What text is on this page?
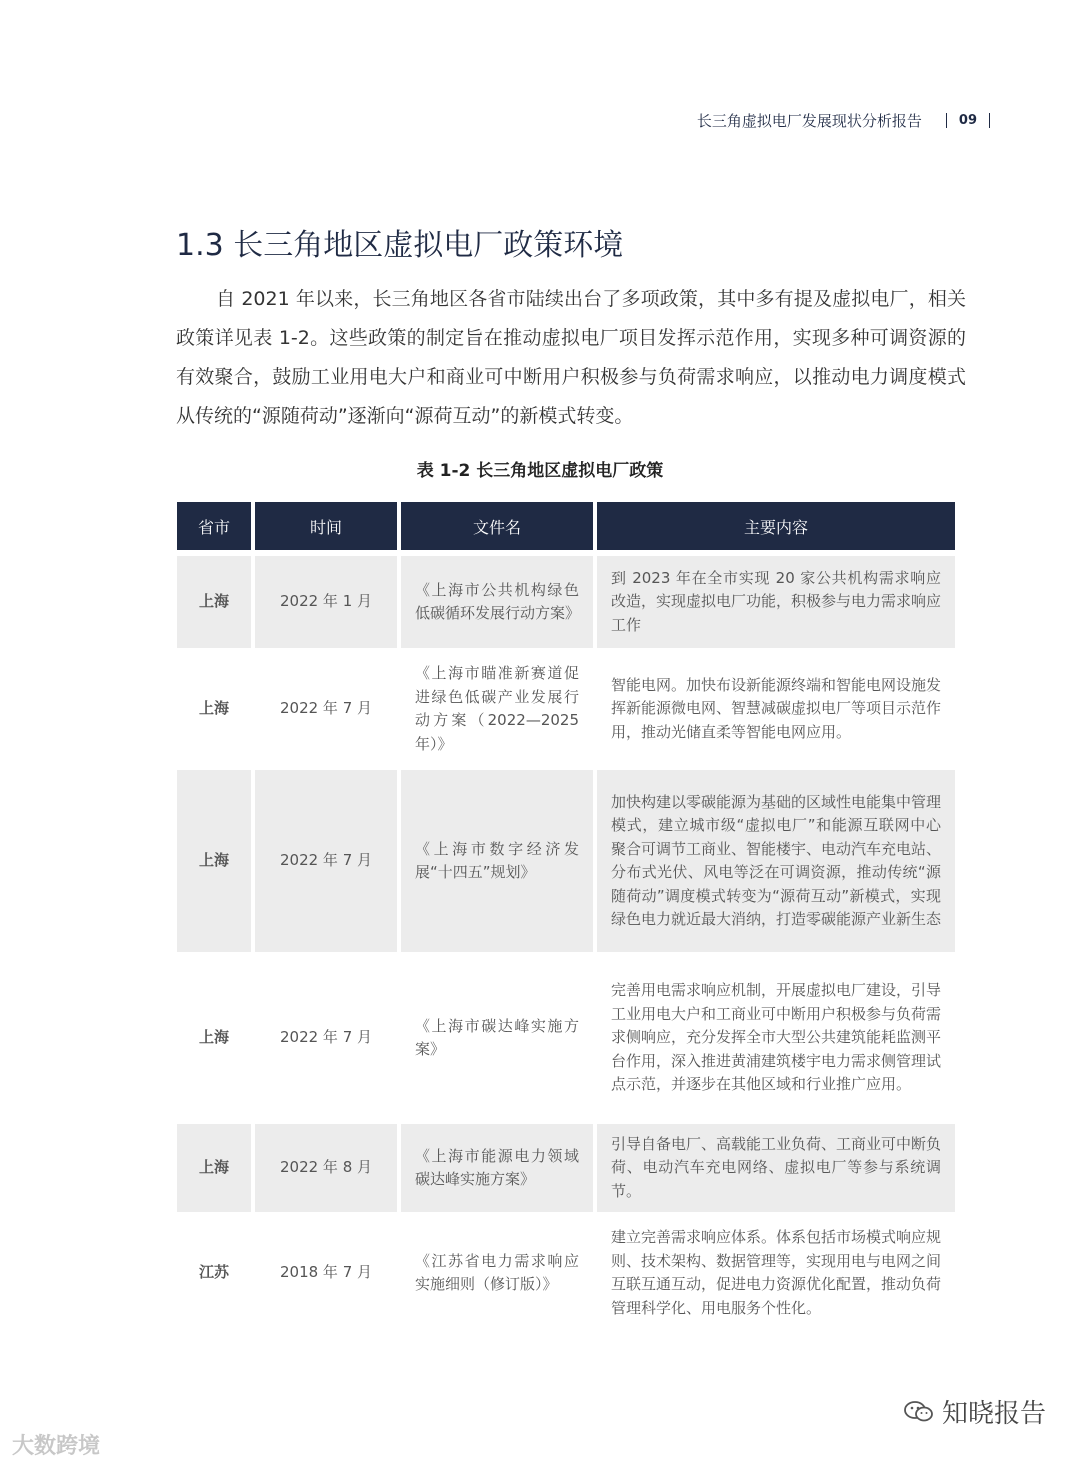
长三角虚拟电厂发展现状分析报告	09
1.3 长三角地区虚拟电厂政策环境

自 2021 年以来，长三角地区各省市陆续出台了多项政策，其中多有提及虚拟电厂，相关政策详见表 1-2。这些政策的制定旨在推动虚拟电厂项目发挥示范作用，实现多种可调资源的有效聚合，鼓励工业用电大户和商业可中断用户积极参与负荷需求响应，以推动电力调度模式从传统的“源随荷动”逐渐向“源荷互动”的新模式转变。

表 1-2 长三角地区虚拟电厂政策
省市	时间	文件名	主要内容
上海	2022 年 1 月	《上海市公共机构绿色低碳循环发展行动方案》	到 2023 年在全市实现 20 家公共机构需求响应改造，实现虚拟电厂功能，积极参与电力需求响应工作
上海	2022 年 7 月	《上海市瞄准新赛道促进绿色低碳产业发展行动方案（2022—2025年）》	智能电网。加快布设新能源终端和智能电网设施发挥新能源微电网、智慧减碳虚拟电厂等项目示范作用，推动光储直柔等智能电网应用。
上海	2022 年 7 月	《上海市数字经济发展“十四五”规划》	加快构建以零碳能源为基础的区域性电能集中管理模式，建立城市级“虚拟电厂”和能源互联网中心聚合可调节工商业、智能楼宇、电动汽车充电站、分布式光伏、风电等泛在可调资源，推动传统“源随荷动”调度模式转变为“源荷互动”新模式，实现绿色电力就近最大消纳，打造零碳能源产业新生态
上海	2022 年 7 月	《上海市碳达峰实施方案》	完善用电需求响应机制，开展虚拟电厂建设，引导工业用电大户和工商业可中断用户积极参与负荷需求侧响应，充分发挥全市大型公共建筑能耗监测平台作用，深入推进黄浦建筑楼宇电力需求侧管理试点示范，并逐步在其他区域和行业推广应用。
上海	2022 年 8 月	《上海市能源电力领域碳达峰实施方案》	引导自备电厂、高载能工业负荷、工商业可中断负荷、电动汽车充电网络、虚拟电厂等参与系统调节。
江苏	2018 年 7 月	《江苏省电力需求响应实施细则（修订版）》	建立完善需求响应体系。体系包括市场模式响应规则、技术架构、数据管理等，实现用电与电网之间互联互通互动，促进电力资源优化配置，推动负荷管理科学化、用电服务个性化。
大数跨境
知晓报告
